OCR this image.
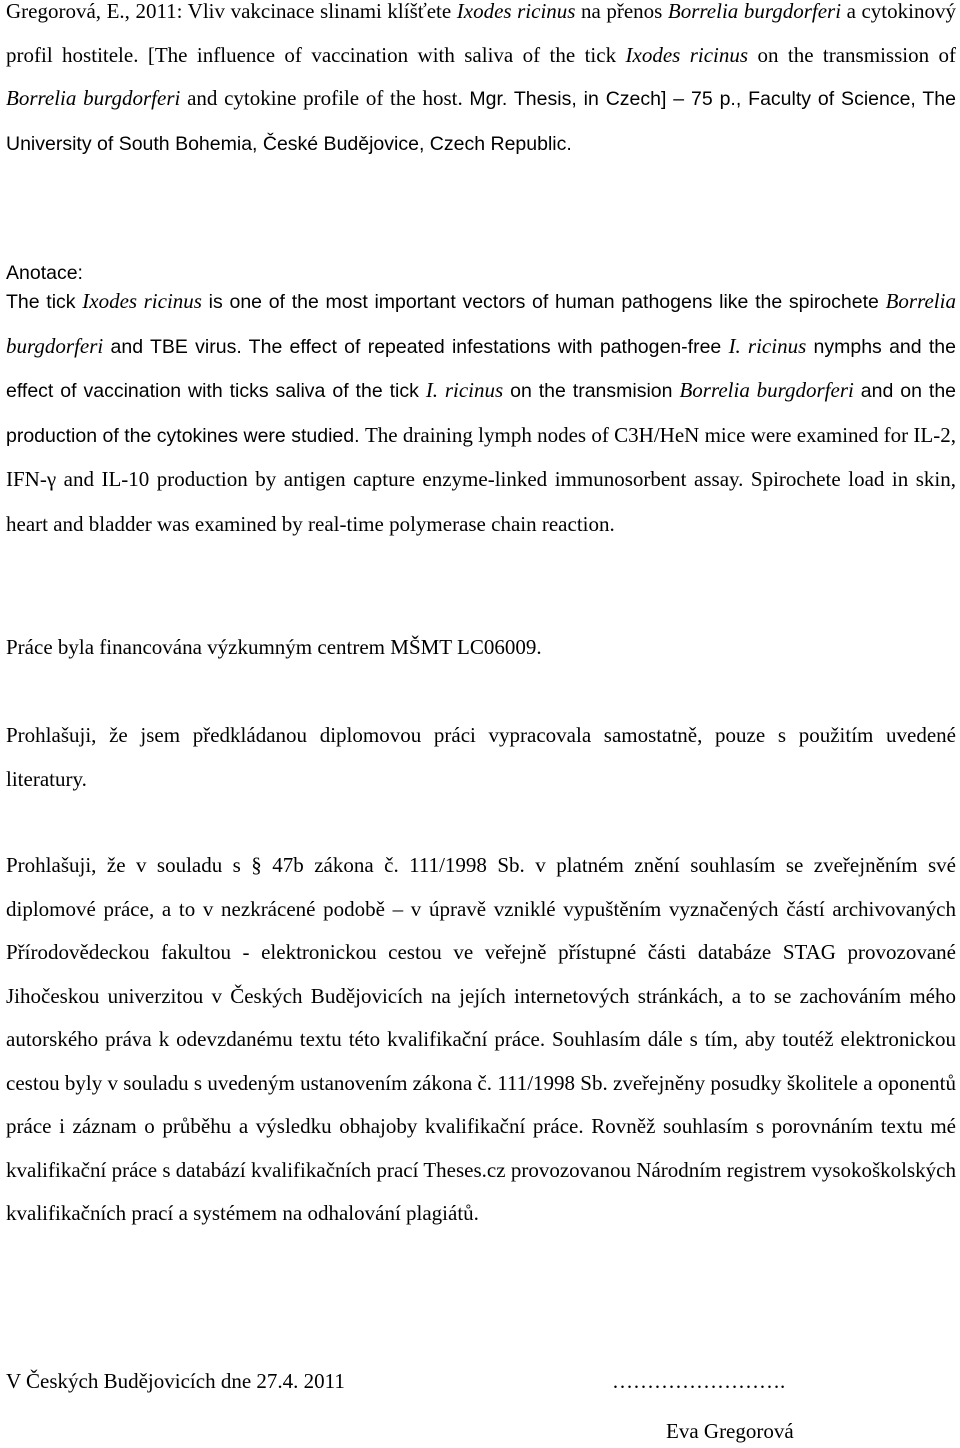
Gregorová, E., 2011: Vliv vakcinace slinami klíšťete Ixodes ricinus na přenos Borrelia burgdorferi a cytokinový profil hostitele. [The influence of vaccination with saliva of the tick Ixodes ricinus on the transmission of Borrelia burgdorferi and cytokine profile of the host. Mgr. Thesis, in Czech] – 75 p., Faculty of Science, The University of South Bohemia, České Budějovice, Czech Republic.

Anotace:

The tick Ixodes ricinus is one of the most important vectors of human pathogens like the spirochete Borrelia burgdorferi and TBE virus. The effect of repeated infestations with pathogen-free I. ricinus nymphs and the effect of vaccination with ticks saliva of the tick I. ricinus on the transmision Borrelia burgdorferi and on the production of the cytokines were studied. The draining lymph nodes of C3H/HeN mice were examined for IL-2, IFN-γ and IL-10 production by antigen capture enzyme-linked immunosorbent assay. Spirochete load in skin, heart and bladder was examined by real-time polymerase chain reaction.

Práce byla financována výzkumným centrem MŠMT LC06009.

Prohlašuji, že jsem předkládanou diplomovou práci vypracovala samostatně, pouze s použitím uvedené literatury.

Prohlašuji, že v souladu s § 47b zákona č. 111/1998 Sb. v platném znění souhlasím se zveřejněním své diplomové práce, a to v nezkrácené podobě – v úpravě vzniklé vypuštěním vyznačených částí archivovaných Přírodovědeckou fakultou - elektronickou cestou ve veřejně přístupné části databáze STAG provozované Jihočeskou univerzitou v Českých Budějovicích na jejích internetových stránkách, a to se zachováním mého autorského práva k odevzdanému textu této kvalifikační práce. Souhlasím dále s tím, aby toutéž elektronickou cestou byly v souladu s uvedeným ustanovením zákona č. 111/1998 Sb. zveřejněny posudky školitele a oponentů práce i záznam o průběhu a výsledku obhajoby kvalifikační práce. Rovněž souhlasím s porovnáním textu mé kvalifikační práce s databází kvalifikačních prací Theses.cz provozovanou Národním registrem vysokoškolských kvalifikačních prací a systémem na odhalování plagiátů.

V Českých Budějovicích dne 27.4. 2011	…………………….
Eva Gregorová
